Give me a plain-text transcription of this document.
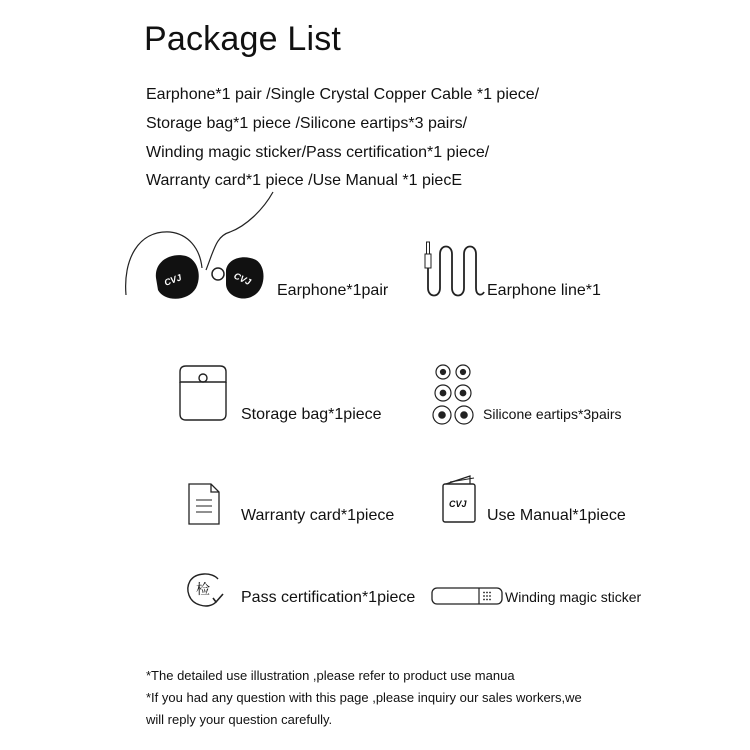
Package List
Earphone*1 pair /Single Crystal Copper Cable *1 piece/
Storage bag*1 piece /Silicone eartips*3 pairs/
Winding magic sticker/Pass certification*1 piece/
Warranty card*1 piece /Use Manual *1 piecE
CVJ	CVJ
Earphone*1pair	Earphone line*1
Storage bag*1piece	Silicone eartips*3pairs
Warranty card*1piece
CVJ
Use Manual*1piece
检 Pass certification*1piece	Winding magic sticker
*The detailed use illustration ,please refer to product use manua
*If you had any question with this page ,please inquiry our sales workers,we
will reply your question carefully.
